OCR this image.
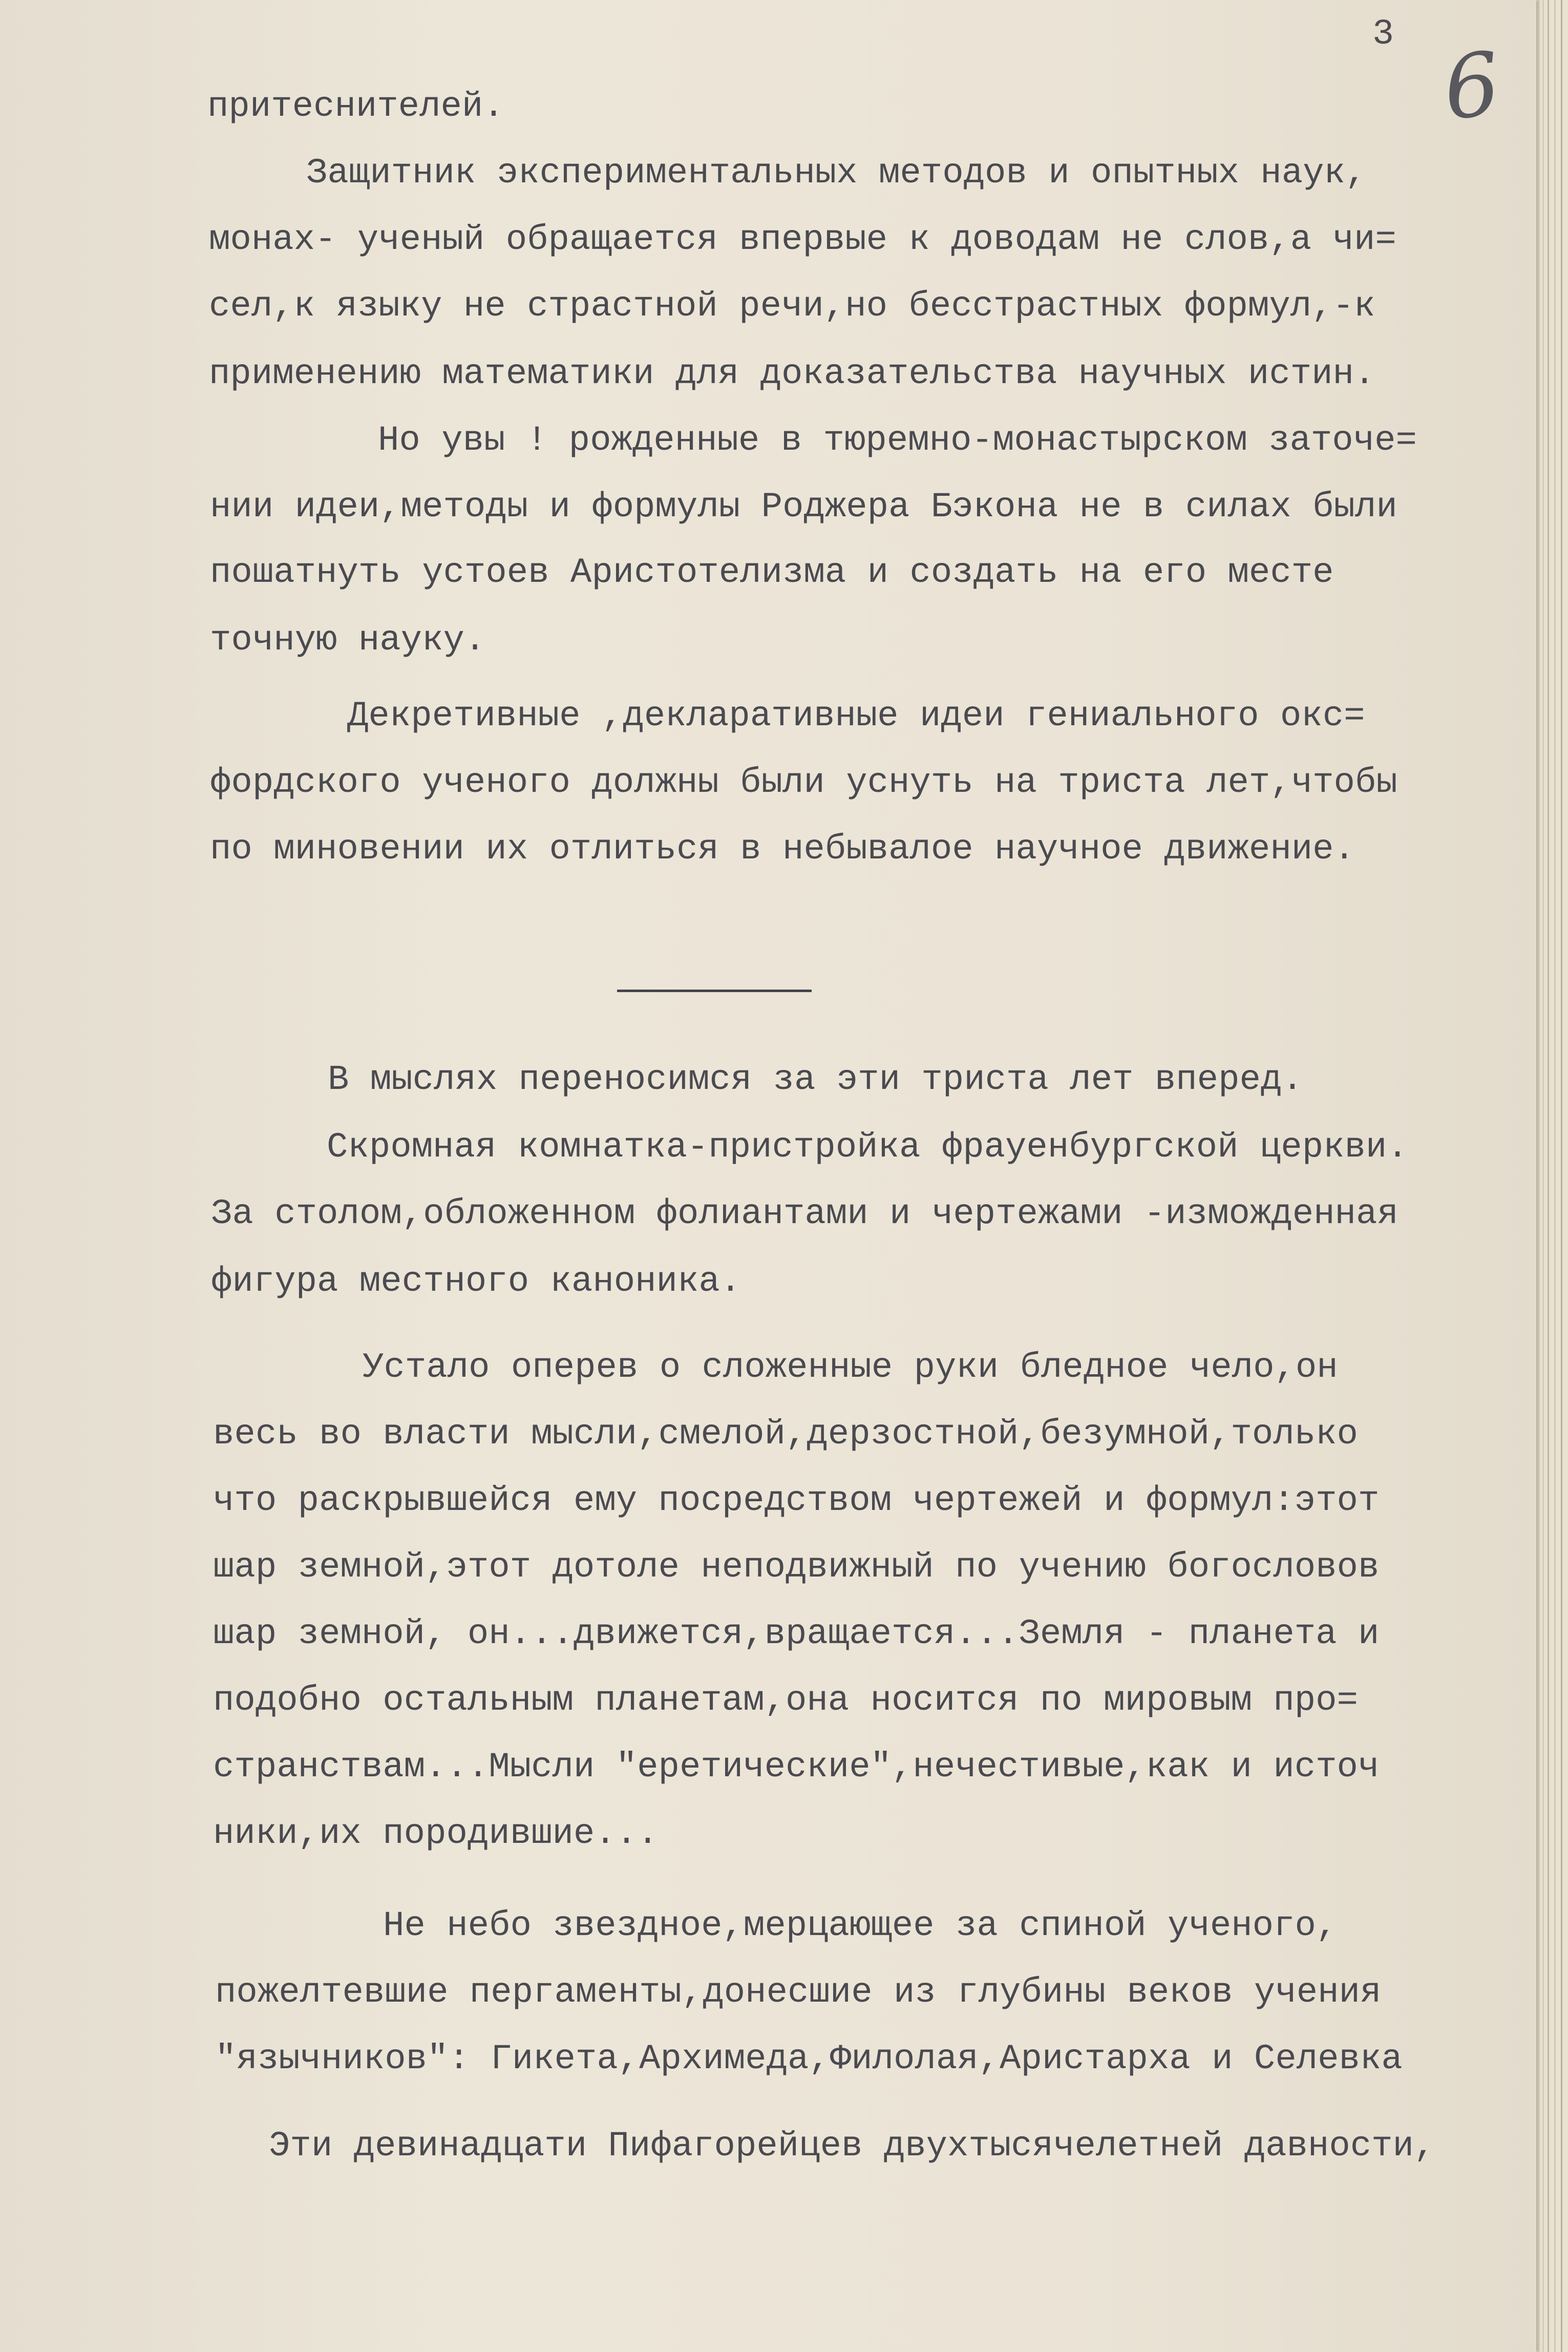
3 6
притеснителей.
Защитник экспериментальных методов и опытных наук,
монах- ученый обращается впервые к доводам не слов,а чи=
сел,к языку не страстной речи,но бесстрастных формул,-к
применению математики для доказательства научных истин.
Но увы ! рожденные в тюремно-монастырском заточе=
нии идеи,методы и формулы Роджера Бэкона не в силах были
пошатнуть устоев Аристотелизма и создать на его месте
точную науку.
Декретивные ,декларативные идеи гениального окс=
фордского ученого должны были уснуть на триста лет,чтобы
по миновении их отлиться в небывалое научное движение.
В мыслях переносимся за эти триста лет вперед.
Скромная комнатка-пристройка фрауенбургской церкви.
За столом,обложенном фолиантами и чертежами -изможденная
фигура местного каноника.
Устало оперев о сложенные руки бледное чело,он
весь во власти мысли,смелой,дерзостной,безумной,только
что раскрывшейся ему посредством чертежей и формул:этот
шар земной,этот дотоле неподвижный по учению богословов
шар земной, он...движется,вращается...Земля - планета и
подобно остальным планетам,она носится по мировым про=
странствам...Мысли "еретические",нечестивые,как и источ
ники,их породившие...
Не небо звездное,мерцающее за спиной ученого,
пожелтевшие пергаменты,донесшие из глубины веков учения
"язычников": Гикета,Архимеда,Филолая,Аристарха и Селевка
Эти девинадцати Пифагорейцев двухтысячелетней давности,
